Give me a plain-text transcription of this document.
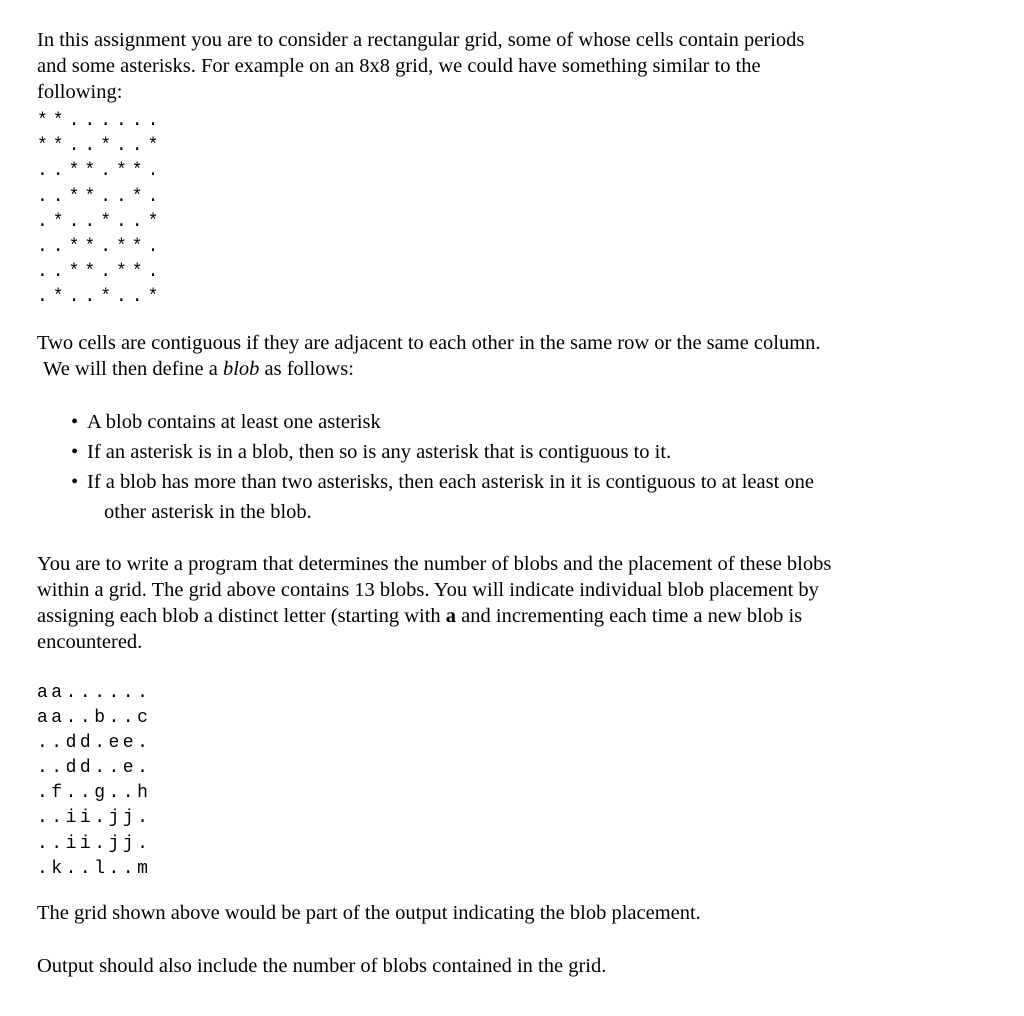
In this assignment you are to consider a rectangular grid, some of whose cells contain periods
and some asterisks. For example on an 8x8 grid, we could have something similar to the
following:

**......
**..*..*
..**.**.
..**..*.
.*..*..*
..**.**.
..**.**.
.*..*..*

Two cells are contiguous if they are adjacent to each other in the same row or the same column.
We will then define a blob as follows:

• A blob contains at least one asterisk
• If an asterisk is in a blob, then so is any asterisk that is contiguous to it.
• If a blob has more than two asterisks, then each asterisk in it is contiguous to at least one
other asterisk in the blob.

You are to write a program that determines the number of blobs and the placement of these blobs
within a grid. The grid above contains 13 blobs. You will indicate individual blob placement by
assigning each blob a distinct letter (starting with a and incrementing each time a new blob is
encountered.

aa......
aa..b..c
..dd.ee.
..dd..e.
.f..g..h
..ii.jj.
..ii.jj.
.k..l..m

The grid shown above would be part of the output indicating the blob placement.

Output should also include the number of blobs contained in the grid.
